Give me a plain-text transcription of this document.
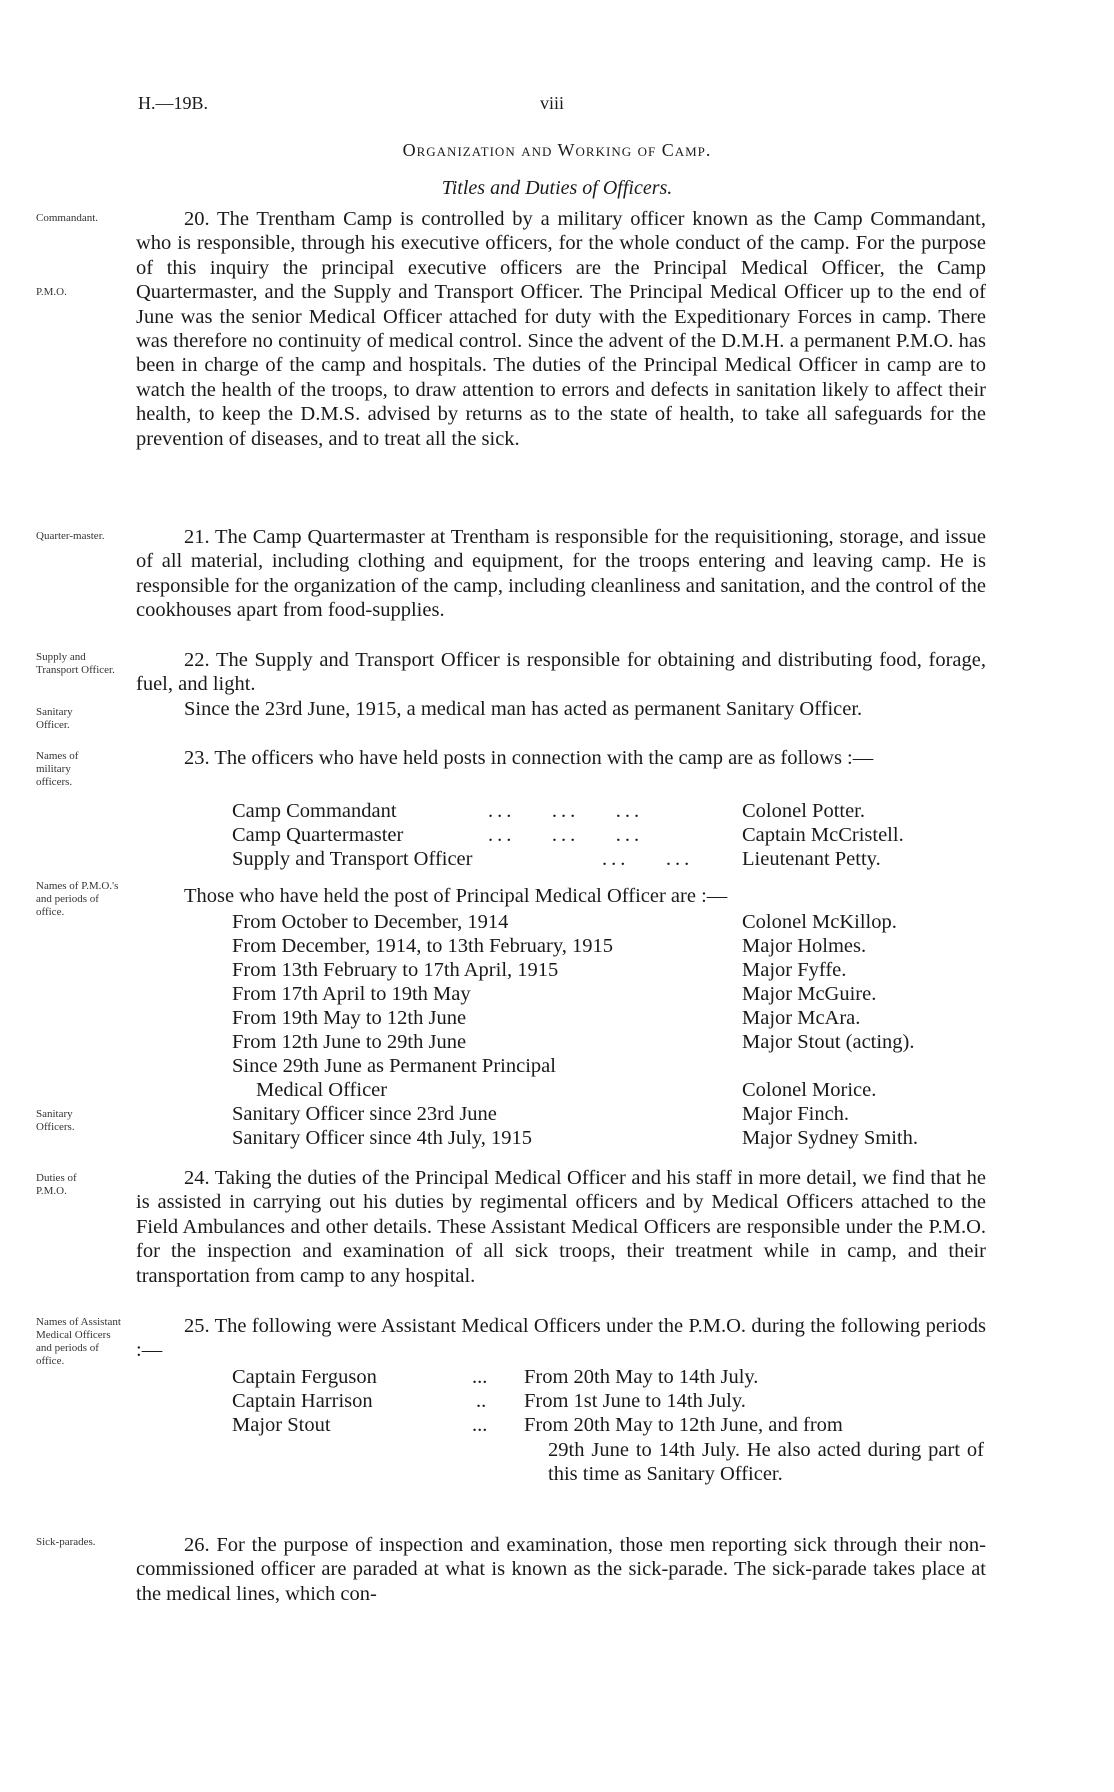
H.—19B.	viii
Organization and Working of Camp.
Titles and Duties of Officers.
Commandant.
P.M.O.
Quarter-master.
Supply and Transport Officer.
Sanitary Officer.
Names of military officers.
Names of P.M.O.'s and periods of office.
Sanitary Officers.
Duties of P.M.O.
Names of Assistant Medical Officers and periods of office.
Sick-parades.

20. The Trentham Camp is controlled by a military officer known as the Camp Commandant, who is responsible, through his executive officers, for the whole conduct of the camp. For the purpose of this inquiry the principal executive officers are the Principal Medical Officer, the Camp Quartermaster, and the Supply and Transport Officer. The Principal Medical Officer up to the end of June was the senior Medical Officer attached for duty with the Expeditionary Forces in camp. There was therefore no continuity of medical control. Since the advent of the D.M.H. a permanent P.M.O. has been in charge of the camp and hospitals. The duties of the Principal Medical Officer in camp are to watch the health of the troops, to draw attention to errors and defects in sanitation likely to affect their health, to keep the D.M.S. advised by returns as to the state of health, to take all safeguards for the prevention of diseases, and to treat all the sick.

21. The Camp Quartermaster at Trentham is responsible for the requisitioning, storage, and issue of all material, including clothing and equipment, for the troops entering and leaving camp. He is responsible for the organization of the camp, including cleanliness and sanitation, and the control of the cookhouses apart from food-supplies.

22. The Supply and Transport Officer is responsible for obtaining and distributing food, forage, fuel, and light.

Since the 23rd June, 1915, a medical man has acted as permanent Sanitary Officer.

23. The officers who have held posts in connection with the camp are as follows :—

Camp Commandant	...    ...    ...	Colonel Potter.
Camp Quartermaster	...    ...    ...	Captain McCristell.
Supply and Transport Officer	...    ... Lieutenant Petty.
Those who have held the post of Principal Medical Officer are :—
From October to December, 1914	Colonel McKillop.
From December, 1914, to 13th February, 1915	Major Holmes.
From 13th February to 17th April, 1915	Major Fyffe.
From 17th April to 19th May	Major McGuire.
From 19th May to 12th June	Major McAra.
From 12th June to 29th June	Major Stout (acting).
Since 29th June as Permanent Principal
Medical Officer	Colonel Morice.
Sanitary Officer since 23rd June	Major Finch.
Sanitary Officer since 4th July, 1915	Major Sydney Smith.

24. Taking the duties of the Principal Medical Officer and his staff in more detail, we find that he is assisted in carrying out his duties by regimental officers and by Medical Officers attached to the Field Ambulances and other details. These Assistant Medical Officers are responsible under the P.M.O. for the inspection and examination of all sick troops, their treatment while in camp, and their transportation from camp to any hospital.

25. The following were Assistant Medical Officers under the P.M.O. during the following periods :—

Captain Ferguson	... From 20th May to 14th July.
Captain Harrison	.. From 1st June to 14th July.
Major Stout	... From 20th May to 12th June, and from
29th June to 14th July. He also acted during part of this time as Sanitary Officer.

26. For the purpose of inspection and examination, those men reporting sick through their non-commissioned officer are paraded at what is known as the sick-parade. The sick-parade takes place at the medical lines, which con-
